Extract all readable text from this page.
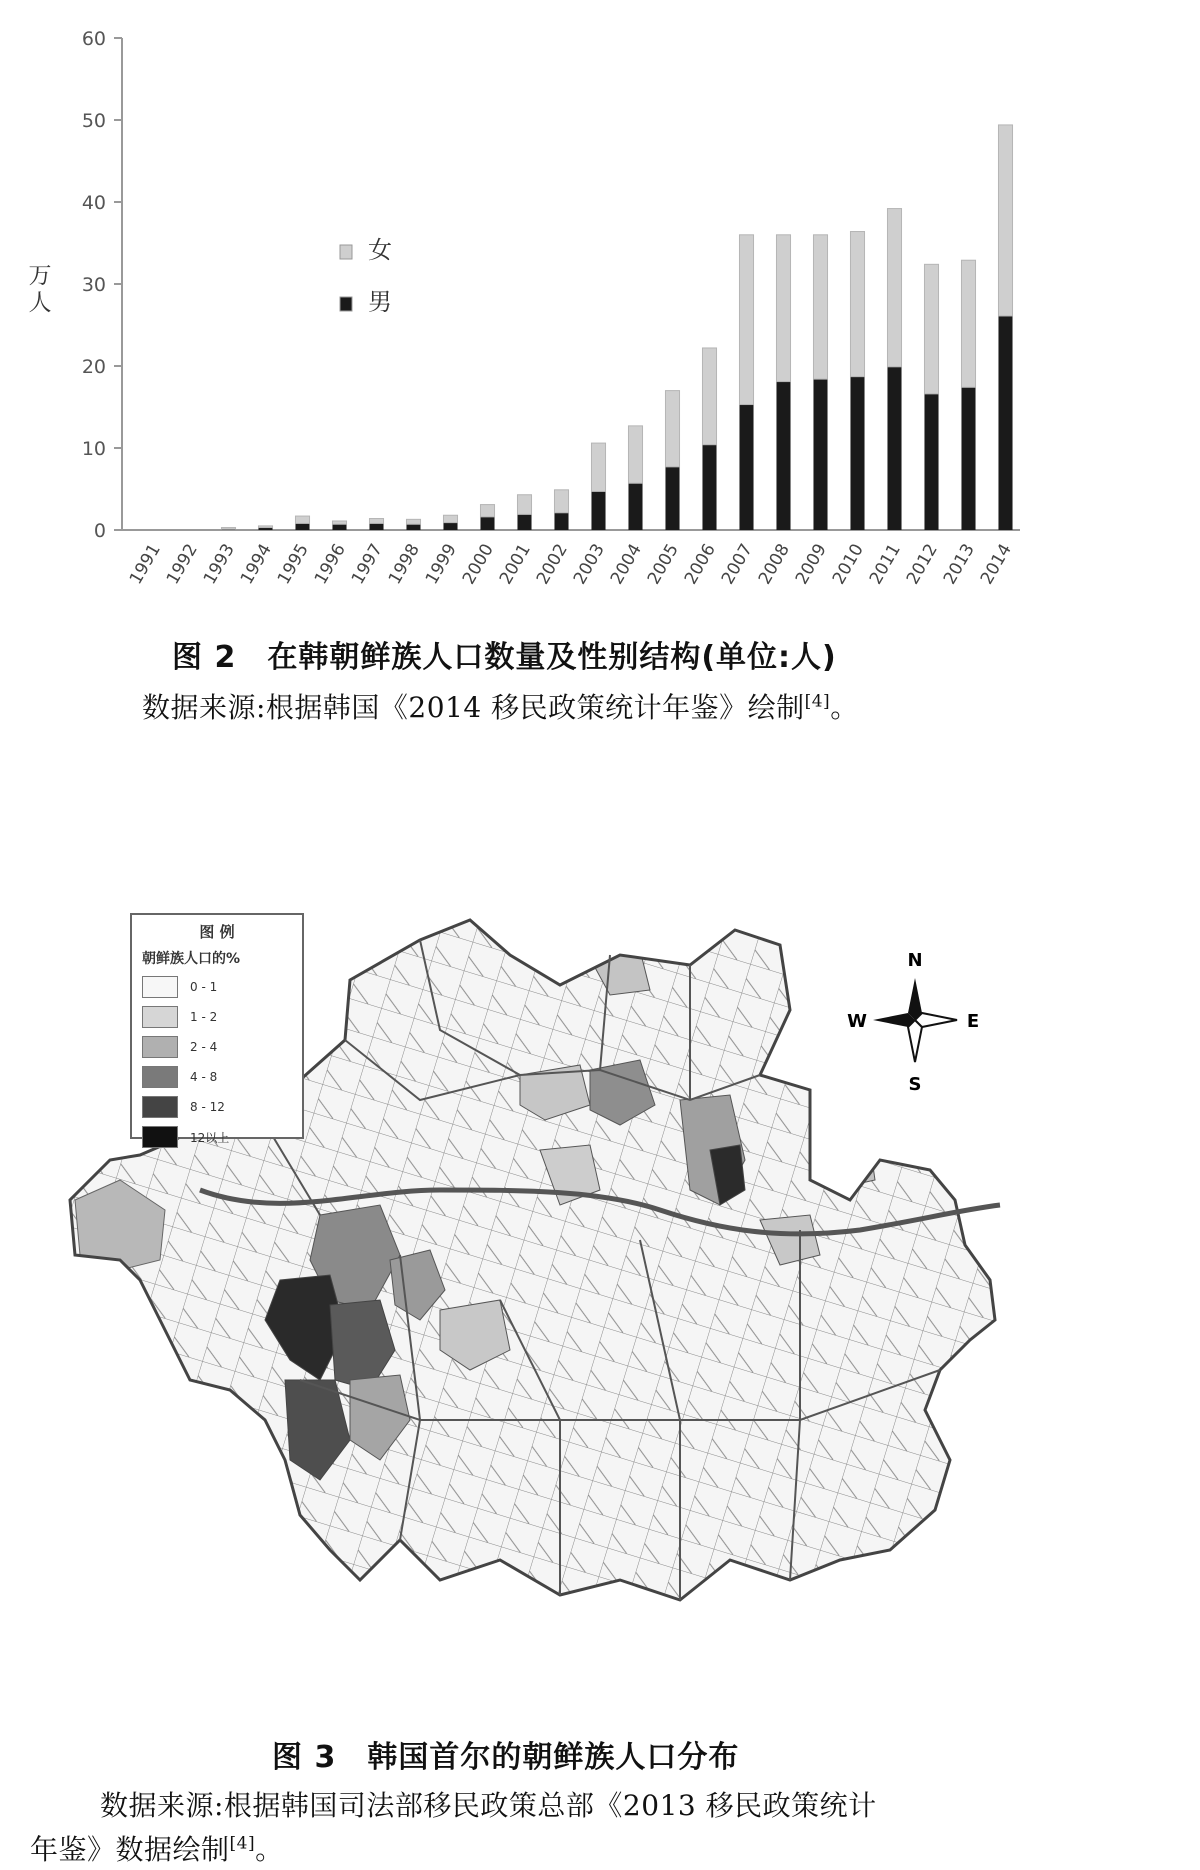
0
10
20
30
40
50
60
万
人
1991
1992
1993
1994
1995
1996
1997
1998
1999
2000
2001
2002
2003
2004
2005
2006
2007
2008
2009
2010
2011
2012
2013
2014
女
男
图 2　在韩朝鲜族人口数量及性别结构(单位:人)
数据来源:根据韩国《2014 移民政策统计年鉴》绘制[4]。
N
S
E
W
图 例
朝鲜族人口的%
0 - 1
1 - 2
2 - 4
4 - 8
8 - 12
12以上
图 3　韩国首尔的朝鲜族人口分布
数据来源:根据韩国司法部移民政策总部《2013 移民政策统计
年鉴》数据绘制[4]。
